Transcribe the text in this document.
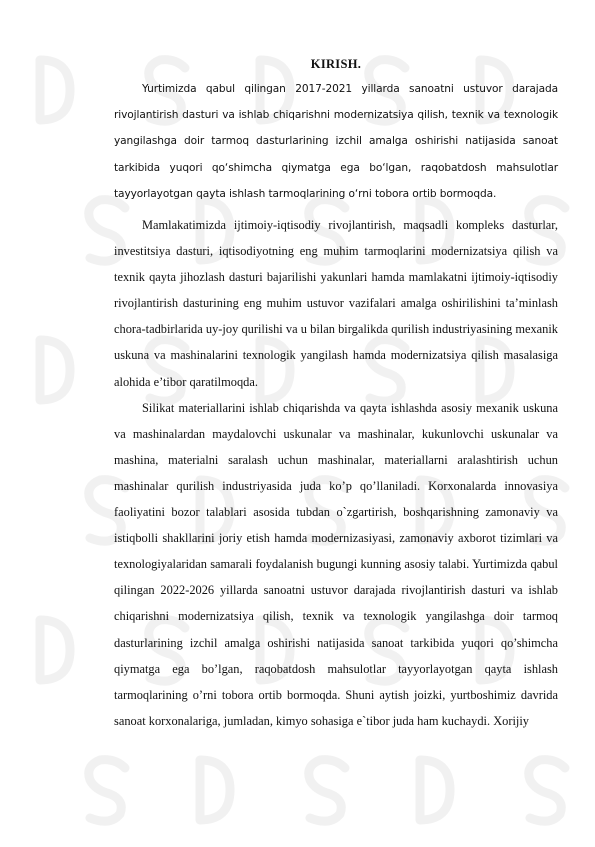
KIRISH.

Yurtimizda qabul qilingan 2017-2021 yillarda sanoatni ustuvor darajada rivojlantirish dasturi va ishlab chiqarishni modernizatsiya qilish, texnik va texnologik yangilashga doir tarmoq dasturlarining izchil amalga oshirishi natijasida sanoat tarkibida yuqori qo‘shimcha qiymatga ega bo‘lgan, raqobatdosh mahsulotlar tayyorlayotgan qayta ishlash tarmoqlarining o‘rni tobora ortib bormoqda.

Mamlakatimizda ijtimoiy-iqtisodiy rivojlantirish, maqsadli kompleks dasturlar, investitsiya dasturi, iqtisodiyotning eng muhim tarmoqlarini modernizatsiya qilish va texnik qayta jihozlash dasturi bajarilishi yakunlari hamda mamlakatni ijtimoiy-iqtisodiy rivojlantirish dasturining eng muhim ustuvor vazifalari amalga oshirilishini ta’minlash chora-tadbirlarida uy-joy qurilishi va u bilan birgalikda qurilish industriyasining mexanik uskuna va mashinalarini texnologik yangilash hamda modernizatsiya qilish masalasiga alohida e’tibor qaratilmoqda.

Silikat materiallarini ishlab chiqarishda va qayta ishlashda asosiy mexanik uskuna va mashinalardan maydalovchi uskunalar va mashinalar, kukunlovchi uskunalar va mashina, materialni saralash uchun mashinalar, materiallarni aralashtirish uchun mashinalar qurilish industriyasida juda ko’p qo’llaniladi. Korxonalarda innovasiya faoliyatini bozor talablari asosida tubdan o`zgartirish, boshqarishning zamonaviy va istiqbolli shakllarini joriy etish hamda modernizasiyasi, zamonaviy axborot tizimlari va texnologiyalaridan samarali foydalanish bugungi kunning asosiy talabi. Yurtimizda qabul qilingan 2022-2026 yillarda sanoatni ustuvor darajada rivojlantirish dasturi va ishlab chiqarishni modernizatsiya qilish, texnik va texnologik yangilashga doir tarmoq dasturlarining izchil amalga oshirishi natijasida sanoat tarkibida yuqori qo’shimcha qiymatga ega bo’lgan, raqobatdosh mahsulotlar tayyorlayotgan qayta ishlash tarmoqlarining o’rni tobora ortib bormoqda. Shuni aytish joizki, yurtboshimiz davrida sanoat korxonalariga, jumladan, kimyo sohasiga e`tibor juda ham kuchaydi. Xorijiy
